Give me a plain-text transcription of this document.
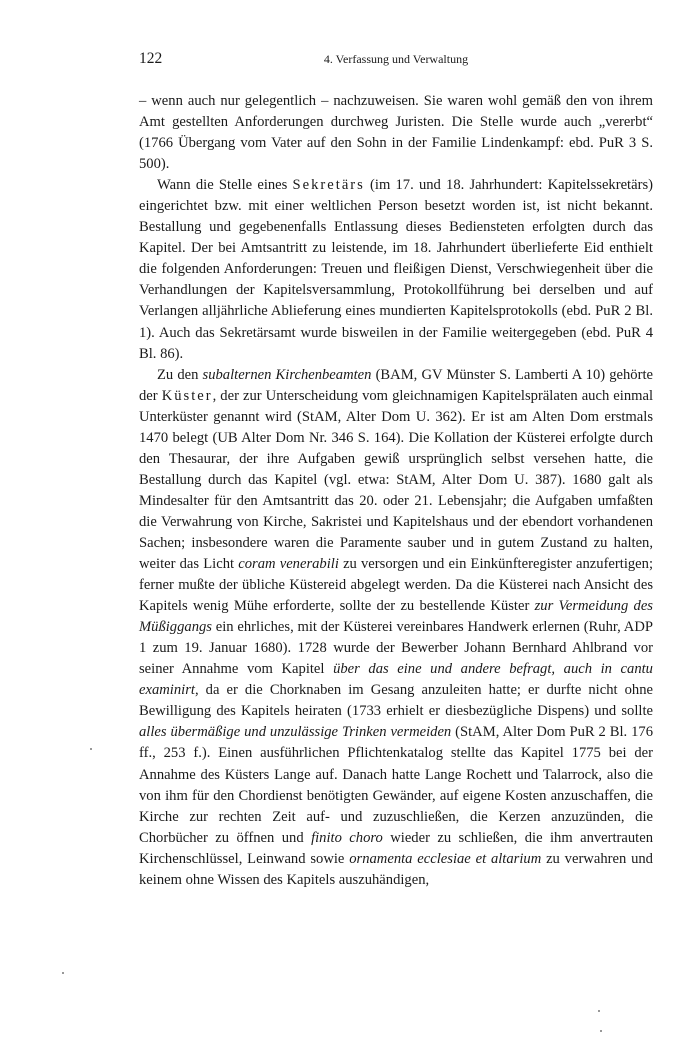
122	4. Verfassung und Verwaltung

– wenn auch nur gelegentlich – nachzuweisen. Sie waren wohl gemäß den von ihrem Amt gestellten Anforderungen durchweg Juristen. Die Stelle wurde auch „vererbt“ (1766 Übergang vom Vater auf den Sohn in der Familie Lindenkampf: ebd. PuR 3 S. 500).

Wann die Stelle eines Sekretärs (im 17. und 18. Jahrhundert: Kapitelssekretärs) eingerichtet bzw. mit einer weltlichen Person besetzt worden ist, ist nicht bekannt. Bestallung und gegebenenfalls Entlassung dieses Bediensteten erfolgten durch das Kapitel. Der bei Amtsantritt zu leistende, im 18. Jahrhundert überlieferte Eid enthielt die folgenden Anforderungen: Treuen und fleißigen Dienst, Verschwiegenheit über die Verhandlungen der Kapitelsversammlung, Protokollführung bei derselben und auf Verlangen alljährliche Ablieferung eines mundierten Kapitelsprotokolls (ebd. PuR 2 Bl. 1). Auch das Sekretärsamt wurde bisweilen in der Familie weitergegeben (ebd. PuR 4 Bl. 86).

Zu den subalternen Kirchenbeamten (BAM, GV Münster S. Lamberti A 10) gehörte der Küster, der zur Unterscheidung vom gleichnamigen Kapitelsprälaten auch einmal Unterküster genannt wird (StAM, Alter Dom U. 362). Er ist am Alten Dom erstmals 1470 belegt (UB Alter Dom Nr. 346 S. 164). Die Kollation der Küsterei erfolgte durch den Thesaurar, der ihre Aufgaben gewiß ursprünglich selbst versehen hatte, die Bestallung durch das Kapitel (vgl. etwa: StAM, Alter Dom U. 387). 1680 galt als Mindesalter für den Amtsantritt das 20. oder 21. Lebensjahr; die Aufgaben umfaßten die Verwahrung von Kirche, Sakristei und Kapitelshaus und der ebendort vorhandenen Sachen; insbesondere waren die Paramente sauber und in gutem Zustand zu halten, weiter das Licht coram venerabili zu versorgen und ein Einkünfteregister anzufertigen; ferner mußte der übliche Küstereid abgelegt werden. Da die Küsterei nach Ansicht des Kapitels wenig Mühe erforderte, sollte der zu bestellende Küster zur Vermeidung des Müßiggangs ein ehrliches, mit der Küsterei vereinbares Handwerk erlernen (Ruhr, ADP 1 zum 19. Januar 1680). 1728 wurde der Bewerber Johann Bernhard Ahlbrand vor seiner Annahme vom Kapitel über das eine und andere befragt, auch in cantu examinirt, da er die Chorknaben im Gesang anzuleiten hatte; er durfte nicht ohne Bewilligung des Kapitels heiraten (1733 erhielt er diesbezügliche Dispens) und sollte alles übermäßige und unzulässige Trinken vermeiden (StAM, Alter Dom PuR 2 Bl. 176 ff., 253 f.). Einen ausführlichen Pflichtenkatalog stellte das Kapitel 1775 bei der Annahme des Küsters Lange auf. Danach hatte Lange Rochett und Talarrock, also die von ihm für den Chordienst benötigten Gewänder, auf eigene Kosten anzuschaffen, die Kirche zur rechten Zeit auf- und zuzuschließen, die Kerzen anzuzünden, die Chorbücher zu öffnen und finito choro wieder zu schließen, die ihm anvertrauten Kirchenschlüssel, Leinwand sowie ornamenta ecclesiae et altarium zu verwahren und keinem ohne Wissen des Kapitels auszuhändigen,
